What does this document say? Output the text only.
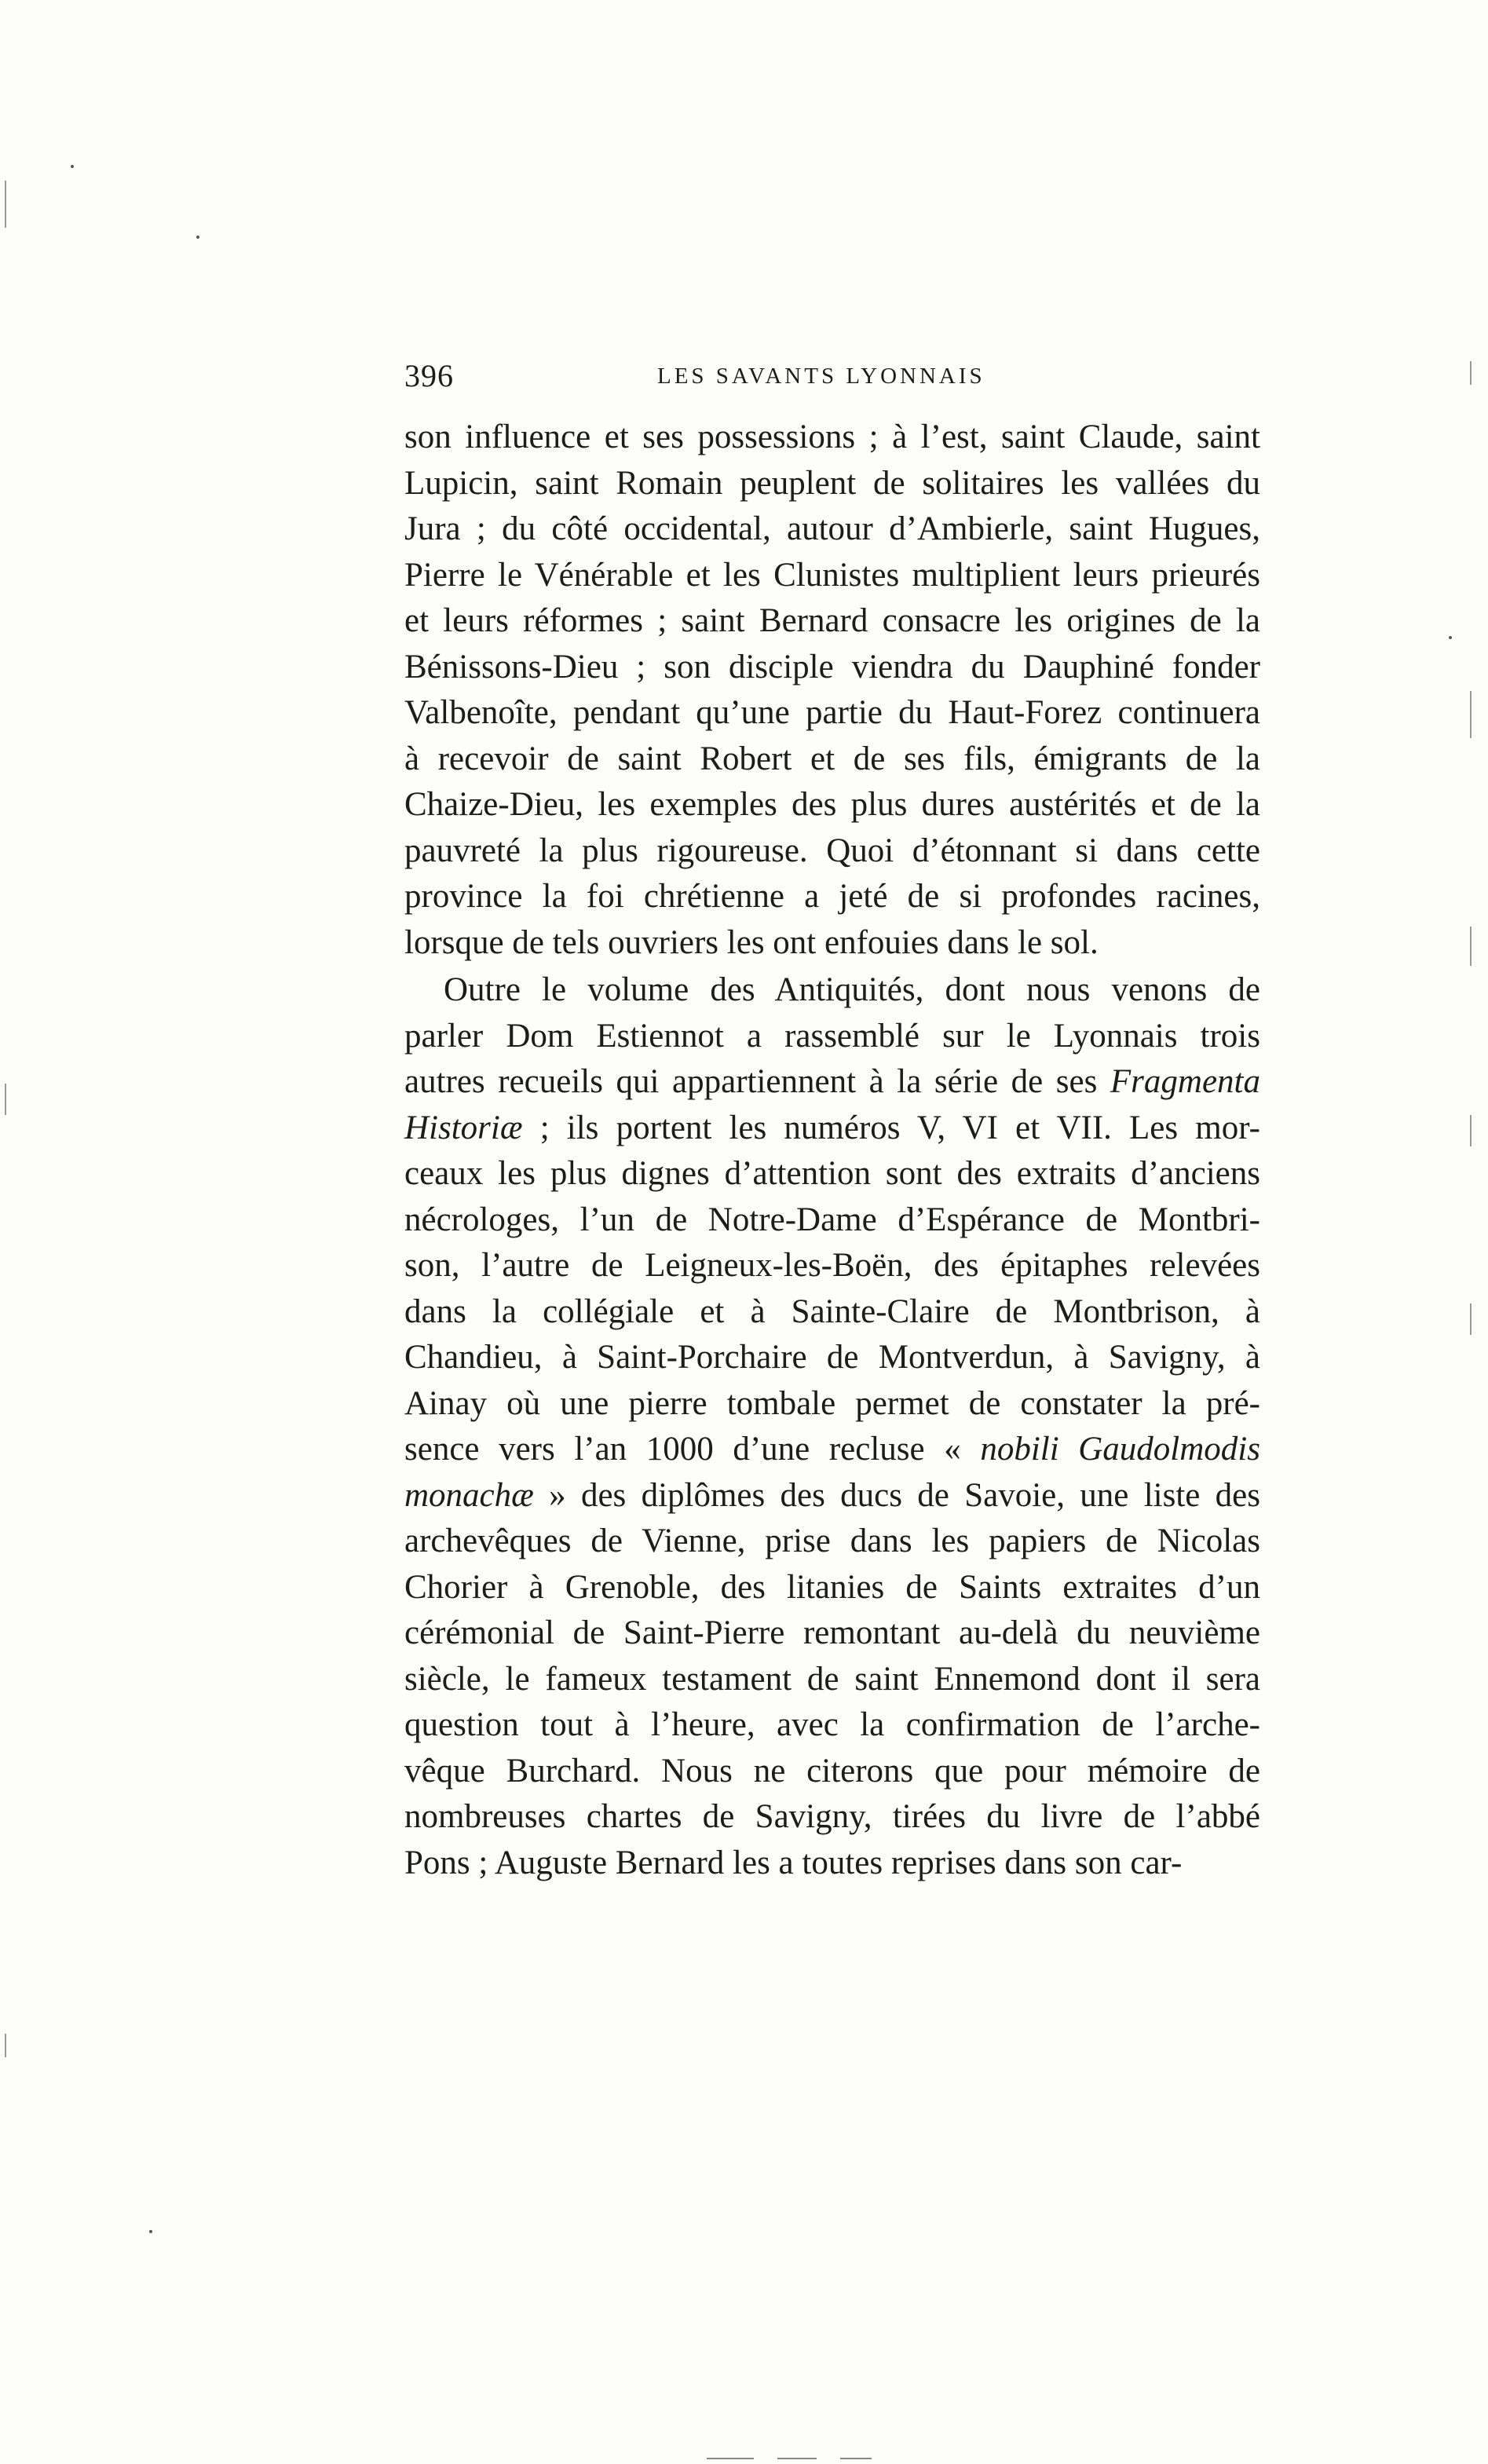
396	LES SAVANTS LYONNAIS
son influence et ses possessions ; à l’est, saint Claude, saint
Lupicin, saint Romain peuplent de solitaires les vallées du
Jura ; du côté occidental, autour d’Ambierle, saint Hugues,
Pierre le Vénérable et les Clunistes multiplient leurs prieurés
et leurs réformes ; saint Bernard consacre les origines de la
Bénissons-Dieu ; son disciple viendra du Dauphiné fonder
Valbenoîte, pendant qu’une partie du Haut-Forez continuera
à recevoir de saint Robert et de ses fils, émigrants de la
Chaize-Dieu, les exemples des plus dures austérités et de la
pauvreté la plus rigoureuse. Quoi d’étonnant si dans cette
province la foi chrétienne a jeté de si profondes racines,
lorsque de tels ouvriers les ont enfouies dans le sol.
Outre le volume des Antiquités, dont nous venons de
parler Dom Estiennot a rassemblé sur le Lyonnais trois
autres recueils qui appartiennent à la série de ses Fragmenta
Historiæ ; ils portent les numéros V, VI et VII. Les mor-
ceaux les plus dignes d’attention sont des extraits d’anciens
nécrologes, l’un de Notre-Dame d’Espérance de Montbri-
son, l’autre de Leigneux-les-Boën, des épitaphes relevées
dans la collégiale et à Sainte-Claire de Montbrison, à
Chandieu, à Saint-Porchaire de Montverdun, à Savigny, à
Ainay où une pierre tombale permet de constater la pré-
sence vers l’an 1000 d’une recluse « nobili Gaudolmodis
monachæ » des diplômes des ducs de Savoie, une liste des
archevêques de Vienne, prise dans les papiers de Nicolas
Chorier à Grenoble, des litanies de Saints extraites d’un
cérémonial de Saint-Pierre remontant au-delà du neuvième
siècle, le fameux testament de saint Ennemond dont il sera
question tout à l’heure, avec la confirmation de l’arche-
vêque Burchard. Nous ne citerons que pour mémoire de
nombreuses chartes de Savigny, tirées du livre de l’abbé
Pons ; Auguste Bernard les a toutes reprises dans son car-
